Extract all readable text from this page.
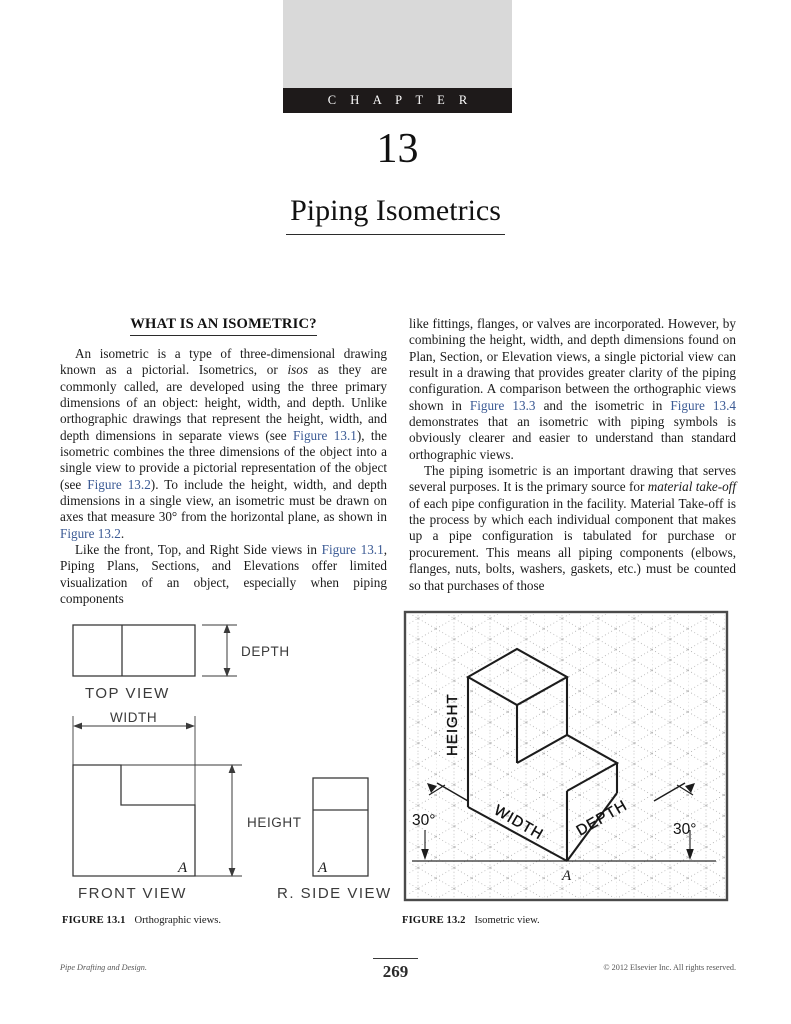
C H A P T E R
13
Piping Isometrics
WHAT IS AN ISOMETRIC?

An isometric is a type of three-dimensional drawing known as a pictorial. Isometrics, or isos as they are commonly called, are developed using the three primary dimensions of an object: height, width, and depth. Unlike orthographic drawings that represent the height, width, and depth dimensions in separate views (see Figure 13.1), the isometric combines the three dimensions of the object into a single view to provide a pictorial representation of the object (see Figure 13.2). To include the height, width, and depth dimensions in a single view, an isometric must be drawn on axes that measure 30° from the horizontal plane, as shown in Figure 13.2.

Like the front, Top, and Right Side views in Figure 13.1, Piping Plans, Sections, and Elevations offer limited visualization of an object, especially when piping components

like fittings, flanges, or valves are incorporated. However, by combining the height, width, and depth dimensions found on Plan, Section, or Elevation views, a single pictorial view can result in a drawing that provides greater clarity of the piping configuration. A comparison between the orthographic views shown in Figure 13.3 and the isometric in Figure 13.4 demonstrates that an isometric with piping symbols is obviously clearer and easier to understand than standard orthographic views.

The piping isometric is an important drawing that serves several purposes. It is the primary source for material take-off of each pipe configuration in the facility. Material Take-off is the process by which each individual component that makes up a pipe configuration is tabulated for purchase or procurement. This means all piping components (elbows, flanges, nuts, bolts, washers, gaskets, etc.) must be counted so that purchases of those

TOP VIEW
DEPTH
WIDTH
HEIGHT
A	A
FRONT VIEW	R. SIDE VIEW
FIGURE 13.1 Orthographic views.
HEIGHT
WIDTH DEPTH
30°
30°
A
FIGURE 13.2 Isometric view.
Pipe Drafting and Design.	269	© 2012 Elsevier Inc. All rights reserved.
